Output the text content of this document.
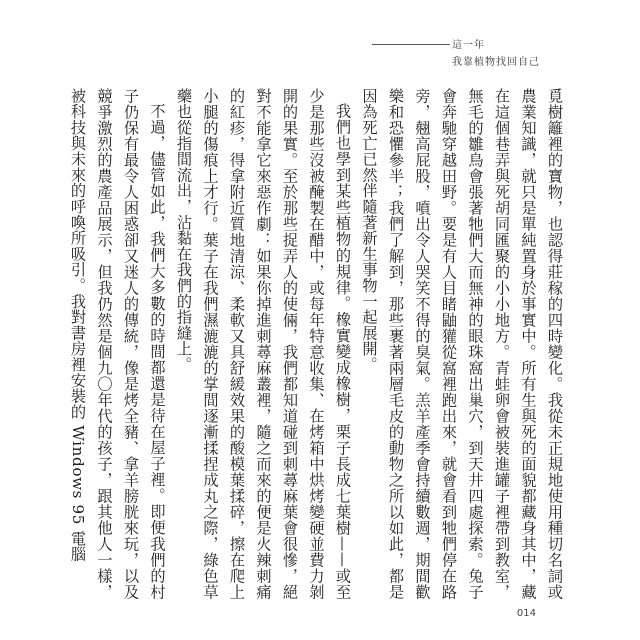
這一年
我靠植物找回自己

覓樹籬裡的寶物，也認得莊稼的四時變化。我從未正規地使用種切名詞或農業知識，就只是單純置身於事實中。所有生與死的面貌都藏身其中，藏在這個巷弄與死胡同匯聚的小小地方。青蛙卵會被裝進罐子裡帶到教室，無毛的雛鳥會張著牠們大而無神的眼珠窩出巢穴，到天井四處探索。兔子會奔馳穿越田野。要是有人目睹鼬獾從窩裡跑出來，就會看到牠們停在路旁，翹高屁股，噴出令人哭笑不得的臭氣。羔羊產季會持續數週，期間歡樂和恐懼參半；我們了解到，那些裹著兩層毛皮的動物之所以如此，都是因為死亡已然伴隨著新生事物一起展開。

我們也學到某些植物的規律。橡實變成橡樹，栗子長成七葉樹——或至少是那些沒被醃製在醋中，或每年特意收集、在烤箱中烘烤變硬並費力剝開的果實。至於那些捉弄人的使倆，我們都知道碰到刺蕁麻葉會很慘，絕對不能拿它來惡作劇：如果你掉進刺蕁麻叢裡，隨之而來的便是火辣刺痛的紅疹，得拿附近質地清涼、柔軟又具舒緩效果的酸模葉揉碎，擦在爬上小腿的傷痕上才行。葉子在我們濕漉漉的掌間逐漸揉捏成丸之際，綠色草藥也從指間流出，沾黏在我們的指縫上。

不過，儘管如此，我們大多數的時間都還是待在屋子裡。即便我們的村子仍保有最令人困惑卻又迷人的傳統，像是烤全豬、拿羊膀胱來玩，以及競爭激烈的農產品展示，但我仍然是個九〇年代的孩子，跟其他人一樣，被科技與未來的呼喚所吸引。我對書房裡安裝的 Windows 95 電腦

014
